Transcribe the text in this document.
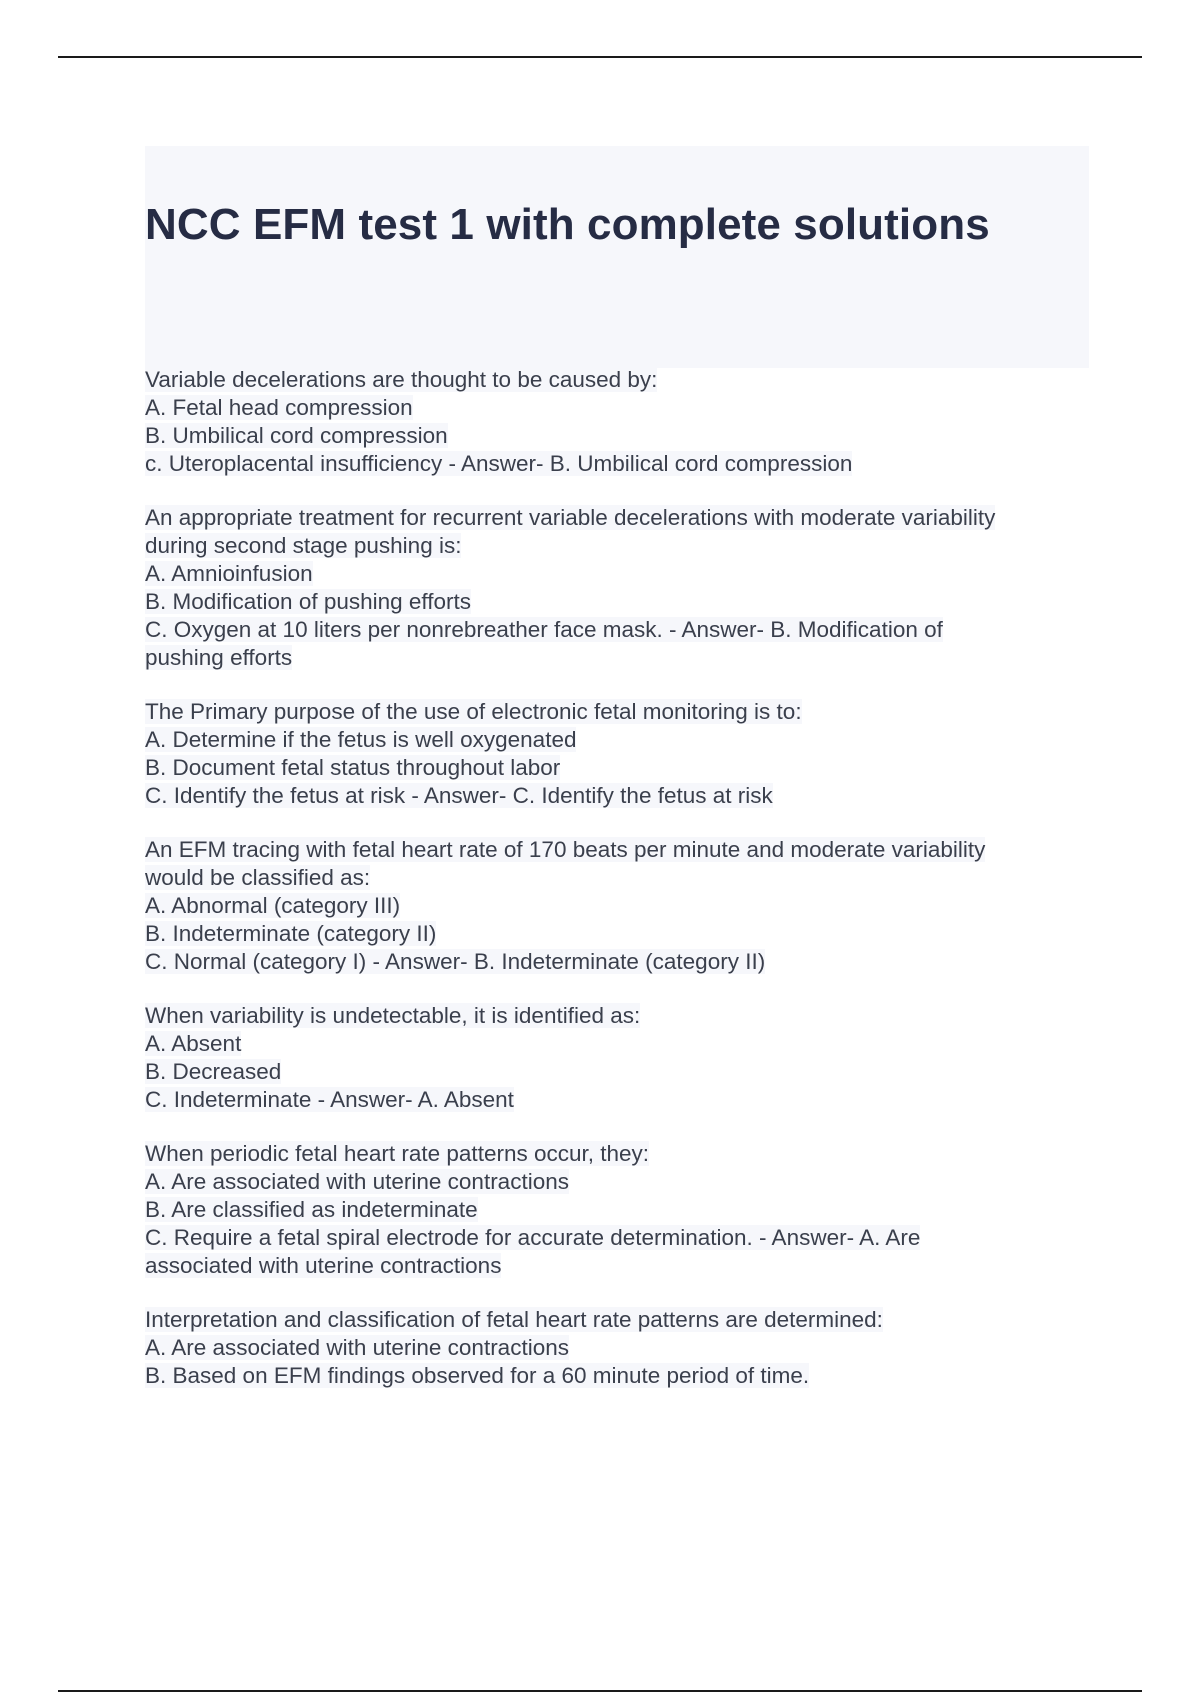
NCC EFM test 1 with complete solutions

Variable decelerations are thought to be caused by:
A. Fetal head compression
B. Umbilical cord compression
c. Uteroplacental insufficiency - Answer- B. Umbilical cord compression

An appropriate treatment for recurrent variable decelerations with moderate variability
during second stage pushing is:
A. Amnioinfusion
B. Modification of pushing efforts
C. Oxygen at 10 liters per nonrebreather face mask. - Answer- B. Modification of
pushing efforts

The Primary purpose of the use of electronic fetal monitoring is to:
A. Determine if the fetus is well oxygenated
B. Document fetal status throughout labor
C. Identify the fetus at risk - Answer- C. Identify the fetus at risk

An EFM tracing with fetal heart rate of 170 beats per minute and moderate variability
would be classified as:
A. Abnormal (category III)
B. Indeterminate (category II)
C. Normal (category I) - Answer- B. Indeterminate (category II)

When variability is undetectable, it is identified as:
A. Absent
B. Decreased
C. Indeterminate - Answer- A. Absent

When periodic fetal heart rate patterns occur, they:
A. Are associated with uterine contractions
B. Are classified as indeterminate
C. Require a fetal spiral electrode for accurate determination. - Answer- A. Are
associated with uterine contractions

Interpretation and classification of fetal heart rate patterns are determined:
A. Are associated with uterine contractions
B. Based on EFM findings observed for a 60 minute period of time.
